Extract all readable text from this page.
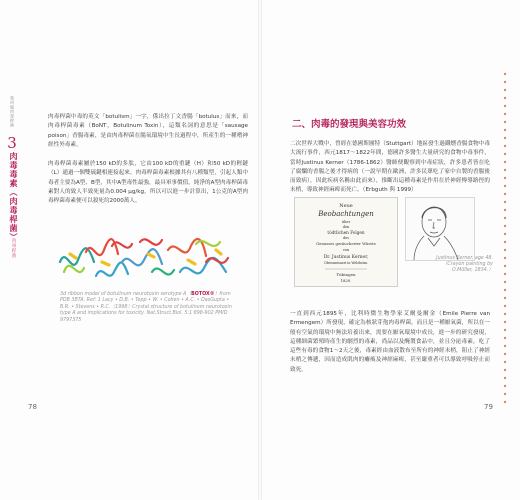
我叫做肉毒桿菌
3
肉毒毒素（肉毒桿菌）
肉毒桿菌
肉毒桿菌中毒的英文「botulism」一字，係出拉丁文香腸「botulus」而來，而肉毒桿菌毒素（BoNT，Botulinum Toxin），這類名詞的意思是「sausage poison」香腸毒素，是由肉毒桿菌在腸氧環境中生長過程中，所產生的一種嗜神經性外毒素。
肉毒桿菌毒素屬於150 kD的多肽，它由100 kD的重鏈（H）和50 kD的輕鏈（L）通過一個雙硫鍵相連接起來。肉毒桿菌毒素根據其有八種類型，引起人類中毒者主要為A型、B型，其中A型毒性最強，最具軍事價值。純淨的A型肉毒桿菌毒素對人的致人半致死量為0.004 μg/kg，所以可以進一步計算出，1公克的A型肉毒桿菌毒素便可以殺死約2000萬人。
3d ribbon model of botulinum neurotoxin serotype A（BOTOX®）from PDB 3BTA. Ref: 1 Lacy • D.B. • Tepp • W. • Cohen • A.C. • DasGupta • B.R. • Stevens • R.C.（1998）Crystal structure of botulinum neurotoxin type A and implications for toxicity. Nat.Struct.Biol. 5:1 898-902 PMID 9797375
78
二、肉毒的發現與美容功效
二次世界大戰中，曾經在德國斯圖特（Stuttgart）地區發生過鐵燻香腸食物中毒大流行事件，西元1817～1822年間，德國許多醫生大量研究的食物中毒事件，當時Justinus Kerner（1786-1862）醫師便觀察到中毒症狀，許多患者皆在吃了腐爛的香腸之後才得病的（一說早期在歐洲，許多民眾吃了家中自製的香腸後而致病），因此疾病名稱由此而來），推斷出這種毒素是作用在於神經傳導路徑的末梢，導致神經麻痺而死亡。（Erbguth 與 1999）
Neue
Beobachtungen
über
den
tödtlichen Folgen
des
Genusses geräucherter Würste
von
Dr. Justinus Kerner,
Oberamtsarzt in Welzheim.
Tübingen
1820.
Justinus Kerner, age 48.（Crayon painting by O.Mü̈ller, 1834.）
一直到西元1895年，比利時微生物學家艾爾曼爾金（Emile Pierre van Ermengem）所發現，確定為核狀芽孢肉毒桿菌，而且是一種厭氧菌，所以在一般有空氣的環境中無法培養出來，需要在厭氧環境中成長，進一步的研究發現，這種細菌繁殖時產生的劇烈的毒素，尚品以及醃製食品中，並且分泌毒素。吃了這些有毒的食物1～2天之後，毒素經由血液散布至所有的神經末梢，阻止了神經末梢之傳遞，因而造成肌肉的癱瘓及神經麻痺，甚至嚴重者可以導致呼吸停止而致死。
79
